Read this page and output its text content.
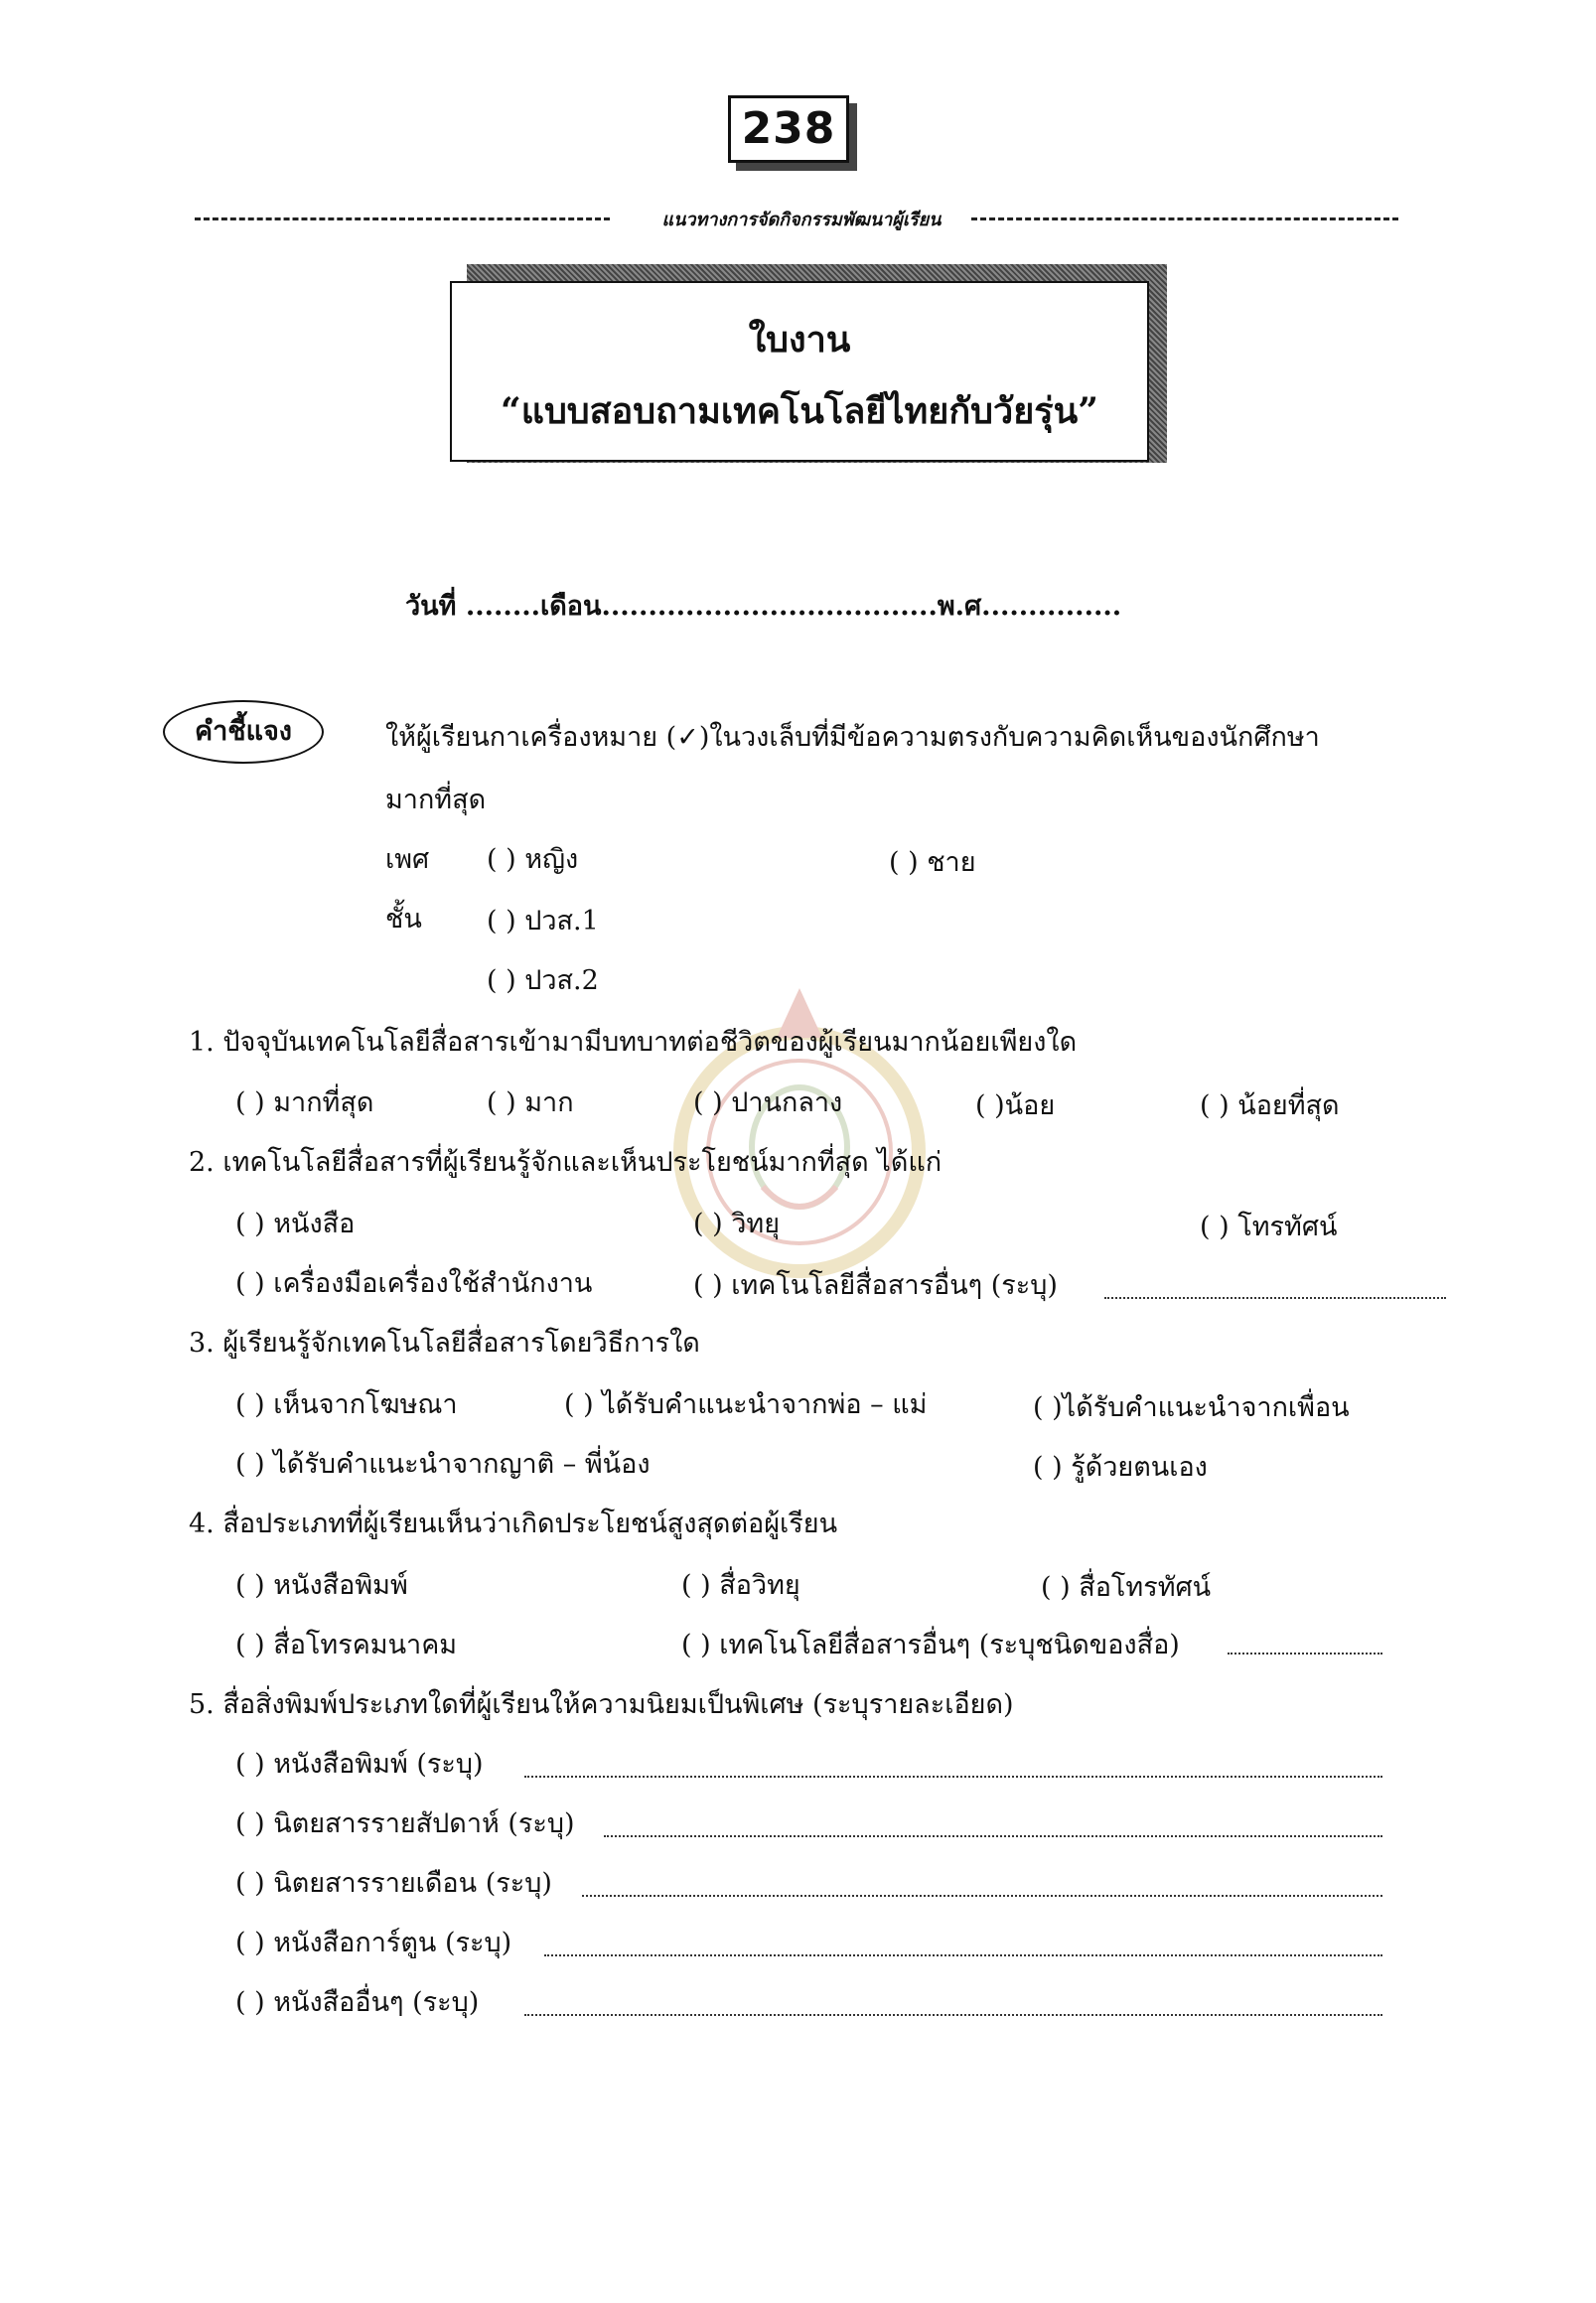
238
แนวทางการจัดกิจกรรมพัฒนาผู้เรียน
ใบงาน
“แบบสอบถามเทคโนโลยีไทยกับวัยรุ่น”
วันที่ ........เดือน....................................พ.ศ...............
คำชี้แจง	ให้ผู้เรียนกาเครื่องหมาย (✓)ในวงเล็บที่มีข้อความตรงกับความคิดเห็นของนักศึกษา
มากที่สุด
เพศ ( ) หญิง	( ) ชาย
ชั้น ( ) ปวส.1
( ) ปวส.2
1. ปัจจุบันเทคโนโลยีสื่อสารเข้ามามีบทบาทต่อชีวิตของผู้เรียนมากน้อยเพียงใด
( ) มากที่สุด	( ) มาก	( ) ปานกลาง	( )น้อย	( ) น้อยที่สุด
2. เทคโนโลยีสื่อสารที่ผู้เรียนรู้จักและเห็นประโยชน์มากที่สุด ได้แก่
( ) หนังสือ	( ) วิทยุ	( ) โทรทัศน์
( ) เครื่องมือเครื่องใช้สำนักงาน	( ) เทคโนโลยีสื่อสารอื่นๆ (ระบุ)
3. ผู้เรียนรู้จักเทคโนโลยีสื่อสารโดยวิธีการใด
( ) เห็นจากโฆษณา	( ) ได้รับคำแนะนำจากพ่อ – แม่	( )ได้รับคำแนะนำจากเพื่อน
( ) ได้รับคำแนะนำจากญาติ – พี่น้อง	( ) รู้ด้วยตนเอง
4. สื่อประเภทที่ผู้เรียนเห็นว่าเกิดประโยชน์สูงสุดต่อผู้เรียน
( ) หนังสือพิมพ์	( ) สื่อวิทยุ	( ) สื่อโทรทัศน์
( ) สื่อโทรคมนาคม	( ) เทคโนโลยีสื่อสารอื่นๆ (ระบุชนิดของสื่อ)
5. สื่อสิ่งพิมพ์ประเภทใดที่ผู้เรียนให้ความนิยมเป็นพิเศษ (ระบุรายละเอียด)
( ) หนังสือพิมพ์ (ระบุ)
( ) นิตยสารรายสัปดาห์ (ระบุ)
( ) นิตยสารรายเดือน (ระบุ)
( ) หนังสือการ์ตูน (ระบุ)
( ) หนังสืออื่นๆ (ระบุ)
